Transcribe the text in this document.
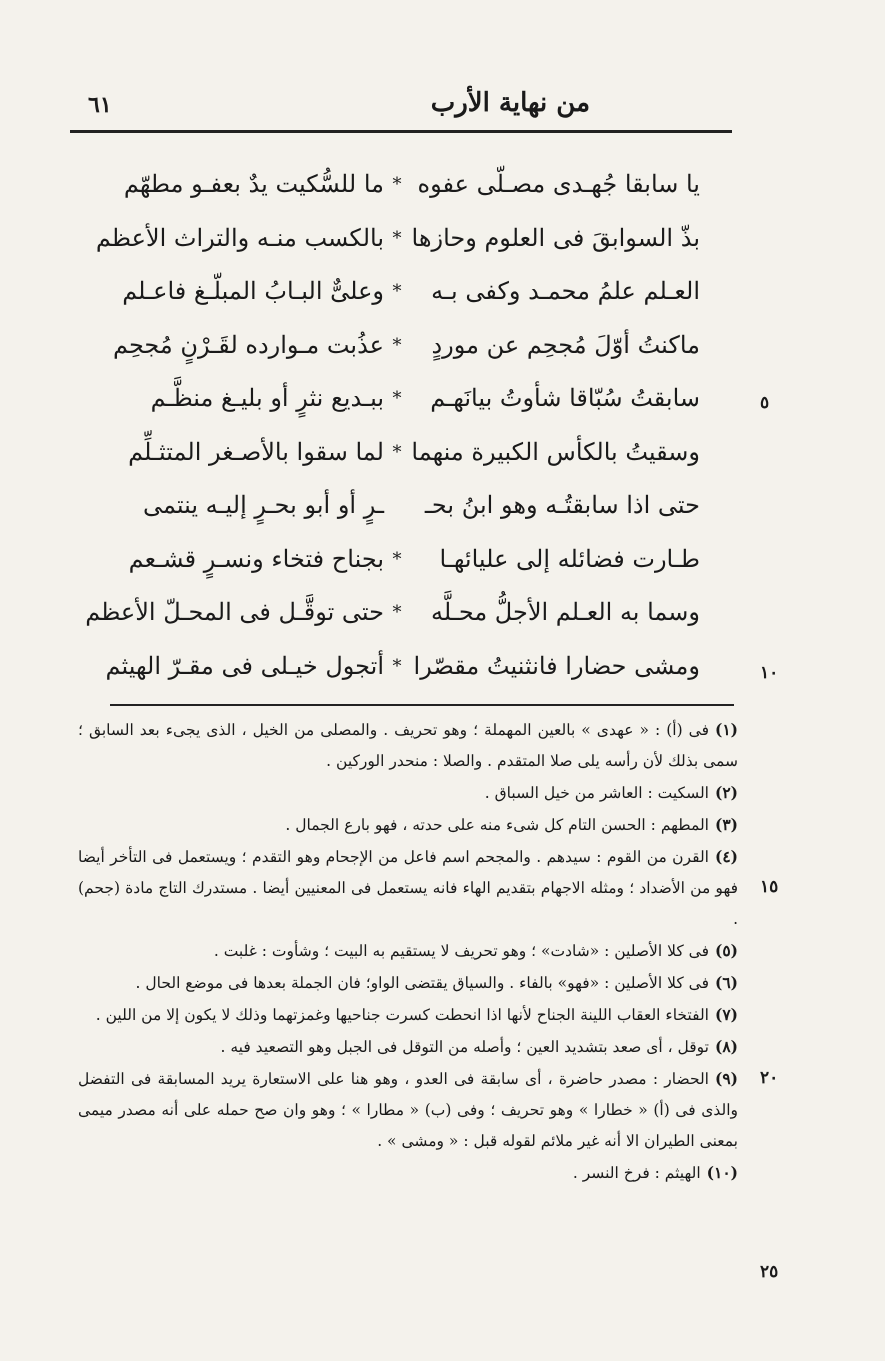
من نهاية الأرب
٦١
يا سابقا جُهـدى مصـلّى عفوه
*
ما للسُّكيت يدٌ بعفـو مطهّم
بذّ السوابقَ فى العلوم وحازها
*
بالكسب منـه والتراث الأعظم
العـلم علمُ محمـد وكفى بـه
*
وعلىٌّ البـابُ المبلّـغ فاعـلم
ماكنتُ أوّلَ مُجحِم عن موردٍ
*
عذُبت مـوارده لقَـرْنٍ مُجحِم
سابقتُ سُبّاقا شأوتُ بيانَهـم
*
ببـديع نثرٍ أو بليـغ منظَّـم
وسقيتُ بالكأس الكبيرة منهما
*
لما سقوا بالأصـغر المتثـلِّم
حتى اذا سابقتُـه وهو ابنُ بحـ
ـرٍ أو أبو بحـرٍ إليـه ينتمى
طـارت فضائله إلى عليائهـا
*
بجناح فتخاء ونسـرٍ قشـعم
وسما به العـلم الأجلُّ محـلَّه
*
حتى توقَّـل فى المحـلّ الأعظم
ومشى حضارا فانثنيتُ مقصّرا
*
أتجول خيـلى فى مقـرّ الهيثم
(١)فى (أ) : « عهدى » بالعين المهملة ؛ وهو تحريف . والمصلى من الخيل ، الذى يجىء بعد السابق ؛ سمى بذلك لأن رأسه يلى صلا المتقدم . والصلا : منحدر الوركين .
(٢)السكيت : العاشر من خيل السباق .
(٣)المطهم : الحسن التام كل شىء منه على حدته ، فهو بارع الجمال .
(٤)القرن من القوم : سيدهم . والمجحم اسم فاعل من الإجحام وهو التقدم ؛ ويستعمل فى التأخر أيضا فهو من الأضداد ؛ ومثله الاجهام بتقديم الهاء فانه يستعمل فى المعنيين أيضا . مستدرك التاج مادة (جحم) .
(٥)فى كلا الأصلين : «شادت» ؛ وهو تحريف لا يستقيم به البيت ؛ وشأوت : غلبت .
(٦)فى كلا الأصلين : «فهو» بالفاء . والسياق يقتضى الواو؛ فان الجملة بعدها فى موضع الحال .
(٧)الفتخاء العقاب اللينة الجناح لأنها اذا انحطت كسرت جناحيها وغمزتهما وذلك لا يكون إلا من اللين .
(٨)توقل ، أى صعد بتشديد العين ؛ وأصله من التوقل فى الجبل وهو التصعيد فيه .
(٩)الحضار : مصدر حاضرة ، أى سابقة فى العدو ، وهو هنا على الاستعارة يريد المسابقة فى التفضل والذى فى (أ) « خطارا » وهو تحريف ؛ وفى (ب) « مطارا » ؛ وهو وان صح حمله على أنه مصدر ميمى بمعنى الطيران الا أنه غير ملائم لقوله قبل : « ومشى » .
(١٠)الهيثم : فرخ النسر .
٥
١٠
١٥
٢٠
٢٥
